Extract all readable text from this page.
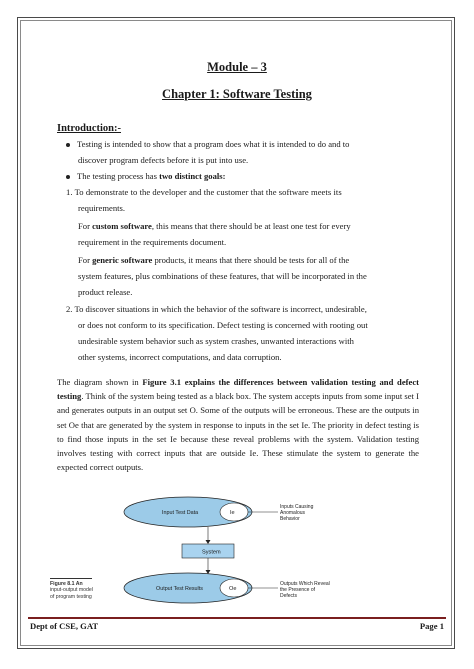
Module – 3
Chapter 1: Software Testing
Introduction:-
Testing is intended to show that a program does what it is intended to do and to
discover program defects before it is put into use.
The testing process has two distinct goals:
1. To demonstrate to the developer and the customer that the software meets its
requirements.
For custom software, this means that there should be at least one test for every
requirement in the requirements document.
For generic software products, it means that there should be tests for all of the
system features, plus combinations of these features, that will be incorporated in the
product release.
2. To discover situations in which the behavior of the software is incorrect, undesirable,
or does not conform to its specification. Defect testing is concerned with rooting out
undesirable system behavior such as system crashes, unwanted interactions with
other systems, incorrect computations, and data corruption.
The diagram shown in Figure 3.1 explains the differences between validation testing and defect testing. Think of the system being tested as a black box. The system accepts inputs from some input set I and generates outputs in an output set O. Some of the outputs will be erroneous. These are the outputs in set Oe that are generated by the system in response to inputs in the set Ie. The priority in defect testing is to find those inputs in the set Ie because these reveal problems with the system. Validation testing involves testing with correct inputs that are outside Ie. These stimulate the system to generate the expected correct outputs.
Input Test Data	Ie
Inputs Causing
Anomalous
Behavior
System
Output Test Results	Oe
Outputs Which Reveal
the Presence of
Defects
Figure 8.1 An
input-output model
of program testing
Dept of CSE, GAT	Page 1
